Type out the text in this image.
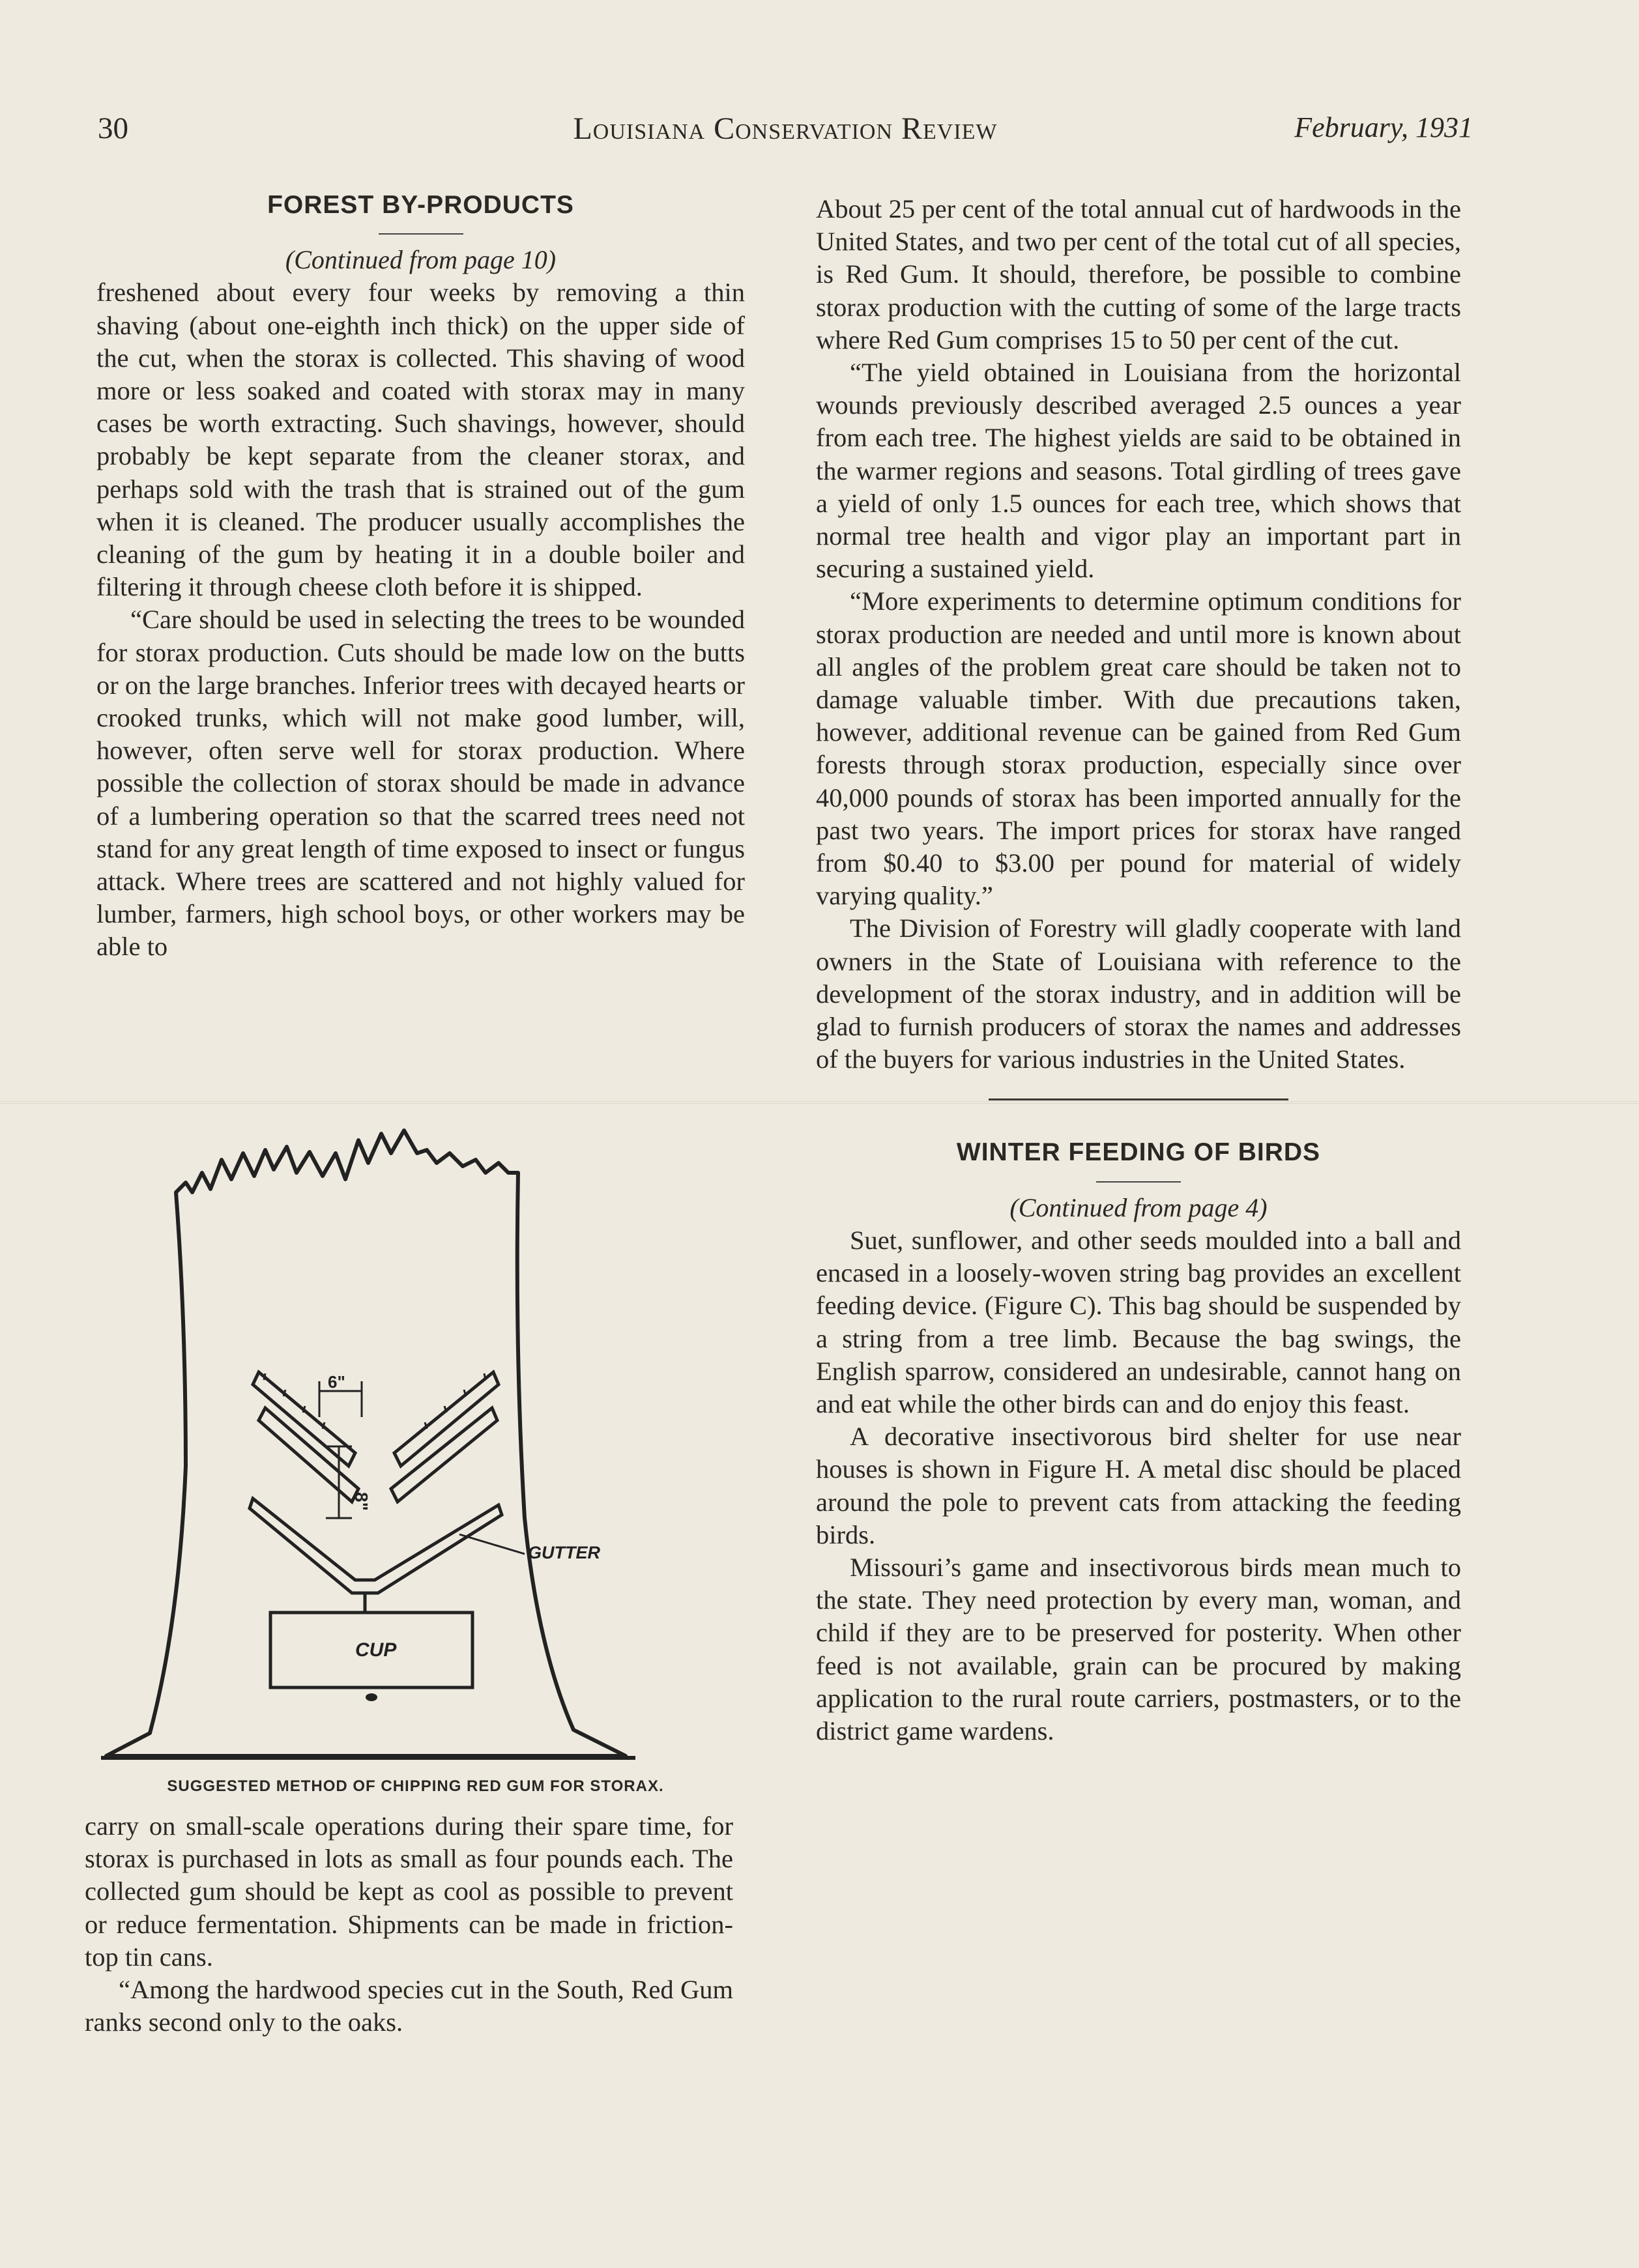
30	Louisiana Conservation Review	February, 1931
FOREST BY-PRODUCTS

(Continued from page 10)

freshened about every four weeks by removing a thin shaving (about one-eighth inch thick) on the upper side of the cut, when the storax is collected. This shaving of wood more or less soaked and coated with storax may in many cases be worth extracting. Such shavings, however, should probably be kept separate from the cleaner storax, and perhaps sold with the trash that is strained out of the gum when it is cleaned. The producer usually accomplishes the cleaning of the gum by heating it in a double boiler and filtering it through cheese cloth before it is shipped.

“Care should be used in selecting the trees to be wounded for storax production. Cuts should be made low on the butts or on the large branches. Inferior trees with decayed hearts or crooked trunks, which will not make good lumber, will, however, often serve well for storax production. Where possible the collection of storax should be made in advance of a lumbering operation so that the scarred trees need not stand for any great length of time exposed to insect or fungus attack. Where trees are scattered and not highly valued for lumber, farmers, high school boys, or other workers may be able to

6"
8"
GUTTER
CUP
SUGGESTED METHOD OF CHIPPING RED GUM FOR STORAX.

carry on small-scale operations during their spare time, for storax is purchased in lots as small as four pounds each. The collected gum should be kept as cool as possible to prevent or reduce fermentation. Shipments can be made in friction-top tin cans.

“Among the hardwood species cut in the South, Red Gum ranks second only to the oaks.

About 25 per cent of the total annual cut of hardwoods in the United States, and two per cent of the total cut of all species, is Red Gum. It should, therefore, be possible to combine storax production with the cutting of some of the large tracts where Red Gum comprises 15 to 50 per cent of the cut.

“The yield obtained in Louisiana from the horizontal wounds previously described averaged 2.5 ounces a year from each tree. The highest yields are said to be obtained in the warmer regions and seasons. Total girdling of trees gave a yield of only 1.5 ounces for each tree, which shows that normal tree health and vigor play an important part in securing a sustained yield.

“More experiments to determine optimum conditions for storax production are needed and until more is known about all angles of the problem great care should be taken not to damage valuable timber. With due precautions taken, however, additional revenue can be gained from Red Gum forests through storax production, especially since over 40,000 pounds of storax has been imported annually for the past two years. The import prices for storax have ranged from $0.40 to $3.00 per pound for material of widely varying quality.”

The Division of Forestry will gladly cooperate with land owners in the State of Louisiana with reference to the development of the storax industry, and in addition will be glad to furnish producers of storax the names and addresses of the buyers for various industries in the United States.

WINTER FEEDING OF BIRDS

(Continued from page 4)

Suet, sunflower, and other seeds moulded into a ball and encased in a loosely-woven string bag provides an excellent feeding device. (Figure C). This bag should be suspended by a string from a tree limb. Because the bag swings, the English sparrow, considered an undesirable, cannot hang on and eat while the other birds can and do enjoy this feast.

A decorative insectivorous bird shelter for use near houses is shown in Figure H. A metal disc should be placed around the pole to prevent cats from attacking the feeding birds.

Missouri’s game and insectivorous birds mean much to the state. They need protection by every man, woman, and child if they are to be preserved for posterity. When other feed is not available, grain can be procured by making application to the rural route carriers, postmasters, or to the district game wardens.
